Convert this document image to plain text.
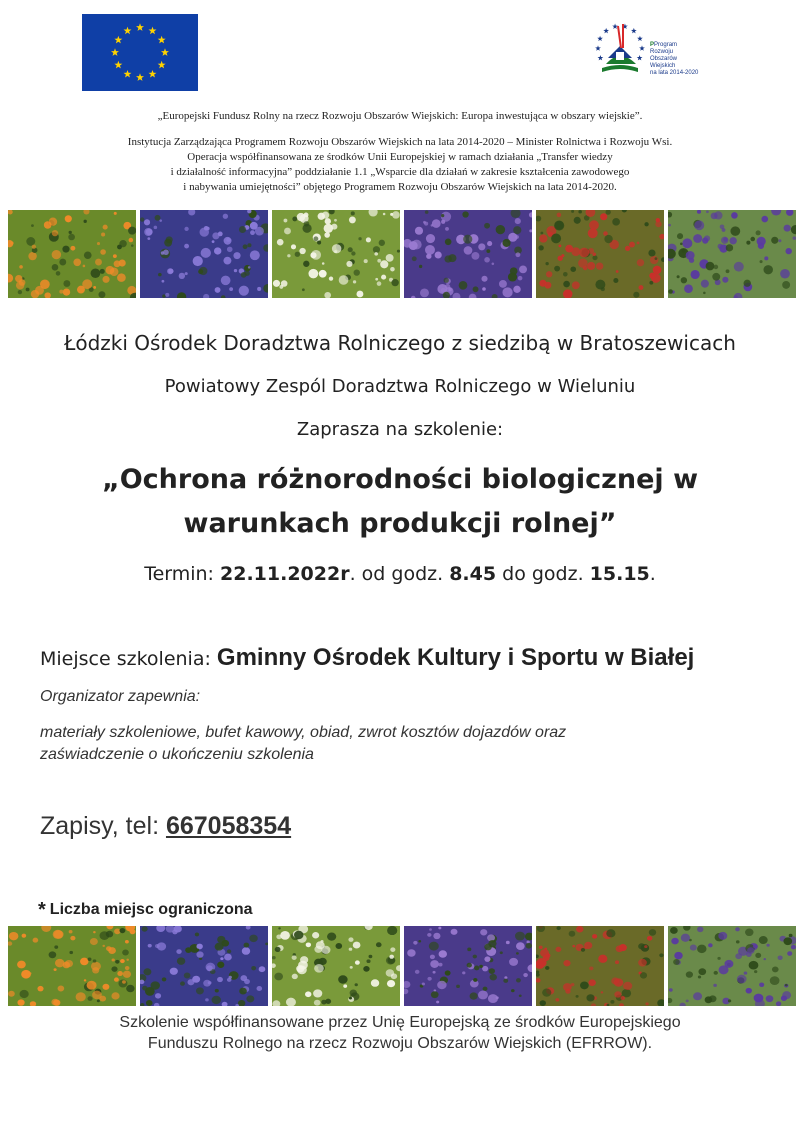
PProgram
Rozwoju
Obszarów
Wiejskich
na lata 2014-2020
„Europejski Fundusz Rolny na rzecz Rozwoju Obszarów Wiejskich: Europa inwestująca w obszary wiejskie”.
Instytucja Zarządzająca Programem Rozwoju Obszarów Wiejskich na lata 2014-2020 – Minister Rolnictwa i Rozwoju Wsi.
Operacja współfinansowana ze środków Unii Europejskiej w ramach działania „Transfer wiedzy
i działalność informacyjna” poddziałanie 1.1 „Wsparcie dla działań w zakresie kształcenia zawodowego
i nabywania umiejętności” objętego Programem Rozwoju Obszarów Wiejskich na lata 2014-2020.
Łódzki Ośrodek Doradztwa Rolniczego z siedzibą w Bratoszewicach
Powiatowy Zespól Doradztwa Rolniczego w Wieluniu
Zaprasza na szkolenie:
„Ochrona różnorodności biologicznej w
warunkach produkcji rolnej”
Termin: 22.11.2022r. od godz. 8.45 do godz. 15.15.
Miejsce szkolenia: Gminny Ośrodek Kultury i Sportu w Białej
Organizator zapewnia:
materiały szkoleniowe, bufet kawowy, obiad, zwrot kosztów dojazdów oraz
zaświadczenie o ukończeniu szkolenia
Zapisy, tel: 667058354
* Liczba miejsc ograniczona
Szkolenie współfinansowane przez Unię Europejską ze środków Europejskiego
Funduszu Rolnego na rzecz Rozwoju Obszarów Wiejskich (EFRROW).
